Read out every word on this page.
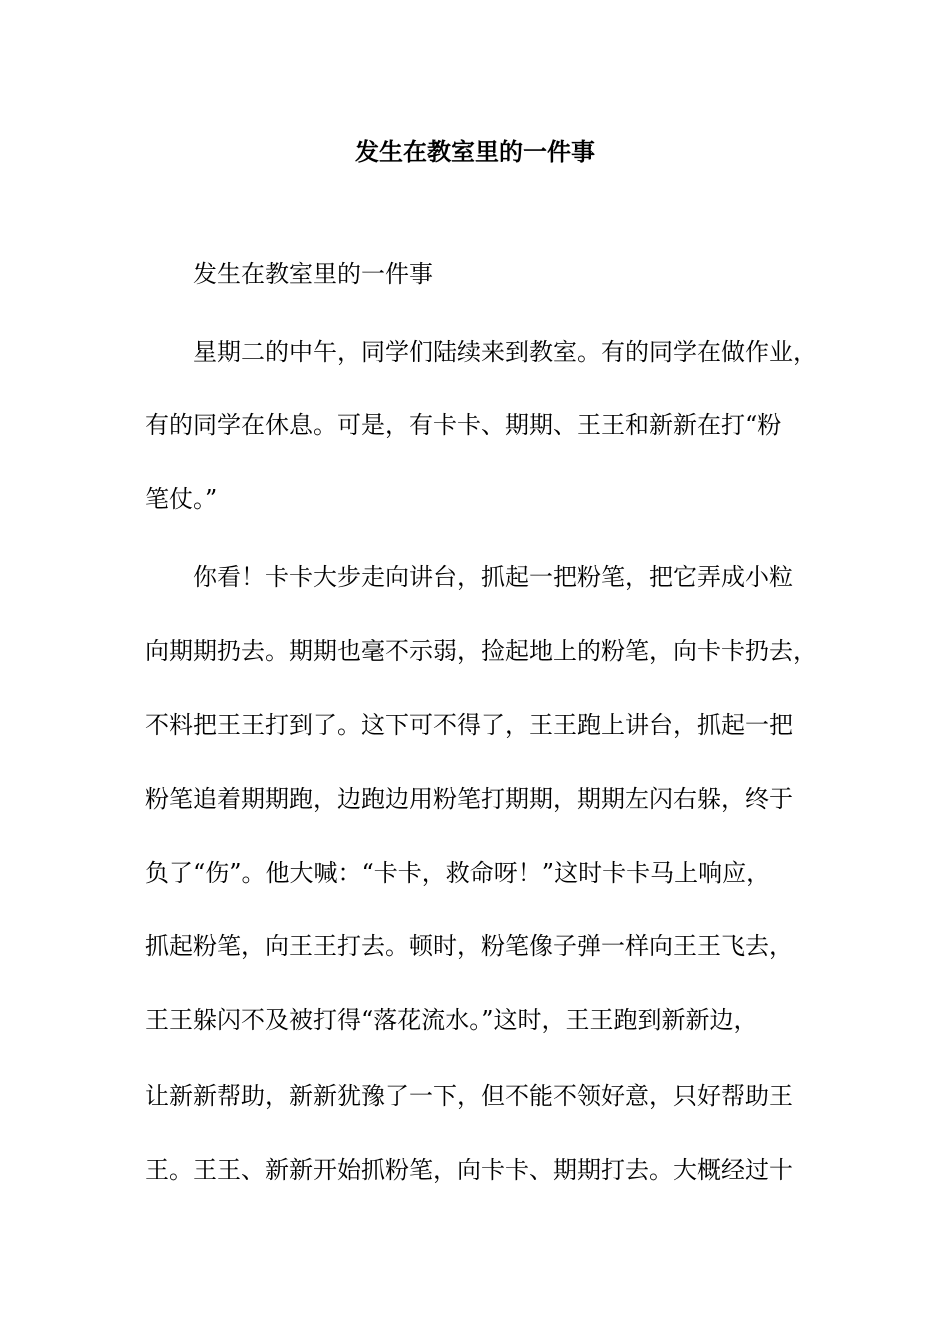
发生在教室里的一件事

发生在教室里的一件事

星期二的中午，同学们陆续来到教室。有的同学在做作业，

有的同学在休息。可是，有卡卡、期期、王王和新新在打“粉

笔仗。”

你看！卡卡大步走向讲台，抓起一把粉笔，把它弄成小粒

向期期扔去。期期也毫不示弱，捡起地上的粉笔，向卡卡扔去，

不料把王王打到了。这下可不得了，王王跑上讲台，抓起一把

粉笔追着期期跑，边跑边用粉笔打期期，期期左闪右躲，终于

负了“伤”。他大喊：“卡卡，救命呀！”这时卡卡马上响应，

抓起粉笔，向王王打去。顿时，粉笔像子弹一样向王王飞去，

王王躲闪不及被打得“落花流水。”这时，王王跑到新新边，

让新新帮助，新新犹豫了一下，但不能不领好意，只好帮助王

王。王王、新新开始抓粉笔，向卡卡、期期打去。大概经过十
